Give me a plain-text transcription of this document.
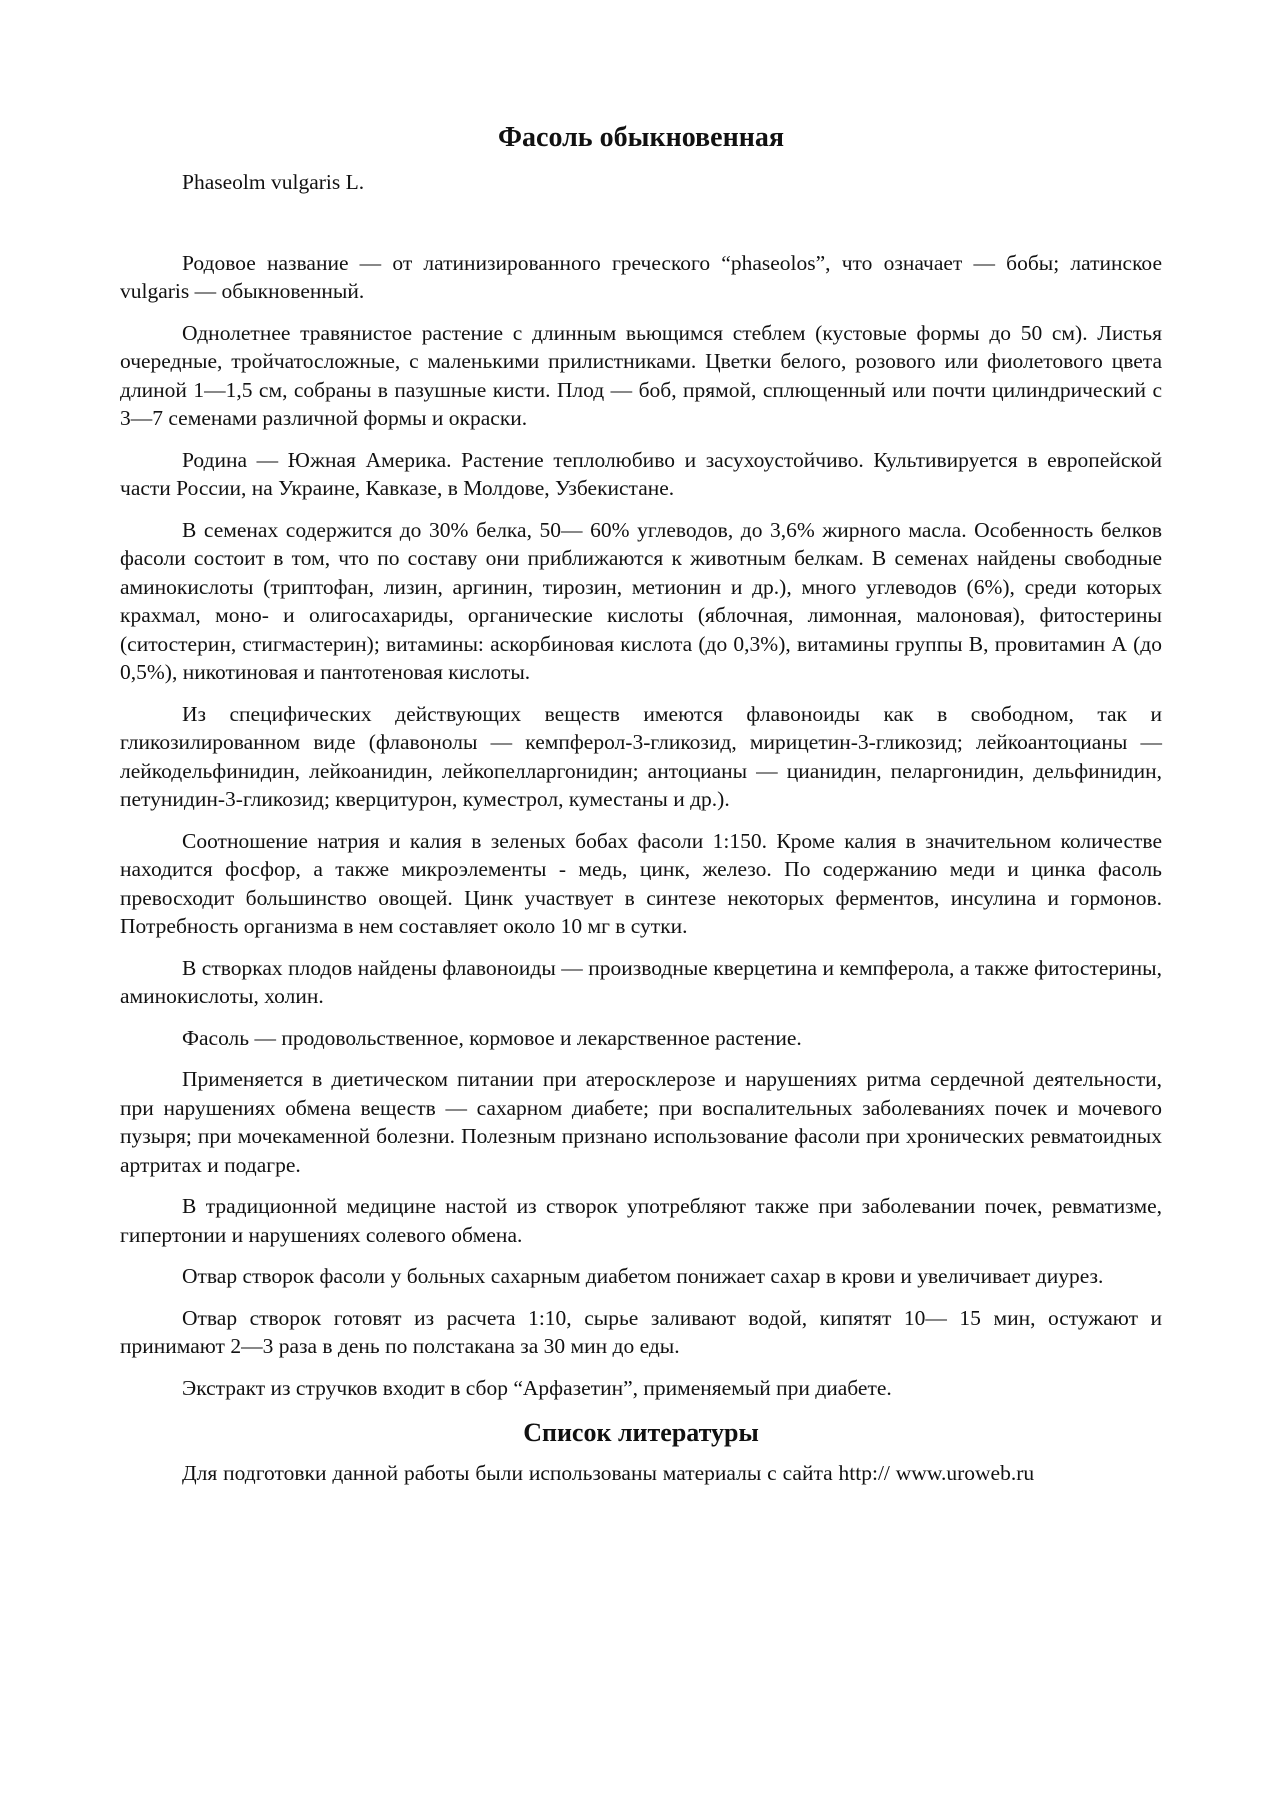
Фасоль обыкновенная

Phaseolm vulgaris L.

Родовое название — от латинизированного греческого “phaseolos”, что означает — бобы; латинское vulgaris — обыкновенный.

Однолетнее травянистое растение с длинным вьющимся стеблем (кустовые формы до 50 см). Листья очередные, тройчатосложные, с маленькими прилистниками. Цветки белого, розового или фиолетового цвета длиной 1—1,5 см, собраны в пазушные кисти. Плод — боб, прямой, сплющенный или почти цилиндрический с 3—7 семенами различной формы и окраски.

Родина — Южная Америка. Растение теплолюбиво и засухоустойчиво. Культивируется в европейской части России, на Украине, Кавказе, в Молдове, Узбекистане.

В семенах содержится до 30% белка, 50— 60% углеводов, до 3,6% жирного масла. Особенность белков фасоли состоит в том, что по составу они приближаются к животным белкам. В семенах найдены свободные аминокислоты (триптофан, лизин, аргинин, тирозин, метионин и др.), много углеводов (6%), среди которых крахмал, моно- и олигосахариды, органические кислоты (яблочная, лимонная, малоновая), фитостерины (ситостерин, стигмастерин); витамины: аскорбиновая кислота (до 0,3%), витамины группы В, провитамин А (до 0,5%), никотиновая и пантотеновая кислоты.

Из специфических действующих веществ имеются флавоноиды как в свободном, так и гликозилированном виде (флавонолы — кемпферол-3-гликозид, мирицетин-3-гликозид; лейкоантоцианы — лейкодельфинидин, лейкоанидин, лейкопеллаpгонидин; антоцианы — цианидин, пеларгонидин, дельфинидин, петунидин-3-гликозид; кверцитурон, куместрол, куместаны и др.).

Соотношение натрия и калия в зеленых бобах фасоли 1:150. Кроме калия в значительном количестве находится фосфор, а также микроэлементы - медь, цинк, железо. По содержанию меди и цинка фасоль превосходит большинство овощей. Цинк участвует в синтезе некоторых ферментов, инсулина и гормонов. Потребность организма в нем составляет около 10 мг в сутки.

В створках плодов найдены флавоноиды — производные кверцетина и кемпферола, а также фитостерины, аминокислоты, холин.

Фасоль — продовольственное, кормовое и лекарственное растение.

Применяется в диетическом питании при атеросклерозе и нарушениях ритма сердечной деятельности, при нарушениях обмена веществ — сахарном диабете; при воспалительных заболеваниях почек и мочевого пузыря; при мочекаменной болезни. Полезным признано использование фасоли при хронических ревматоидных артритах и подагре.

В традиционной медицине настой из створок употребляют также при заболевании почек, ревматизме, гипертонии и нарушениях солевого обмена.

Отвар створок фасоли у больных сахарным диабетом понижает сахар в крови и увеличивает диурез.

Отвар створок готовят из расчета 1:10, сырье заливают водой, кипятят 10— 15 мин, остужают и принимают 2—3 раза в день по полстакана за 30 мин до еды.

Экстракт из стручков входит в сбор “Арфазетин”, применяемый при диабете.

Список литературы

Для подготовки данной работы были использованы материалы с сайта http:// www.uroweb.ru
